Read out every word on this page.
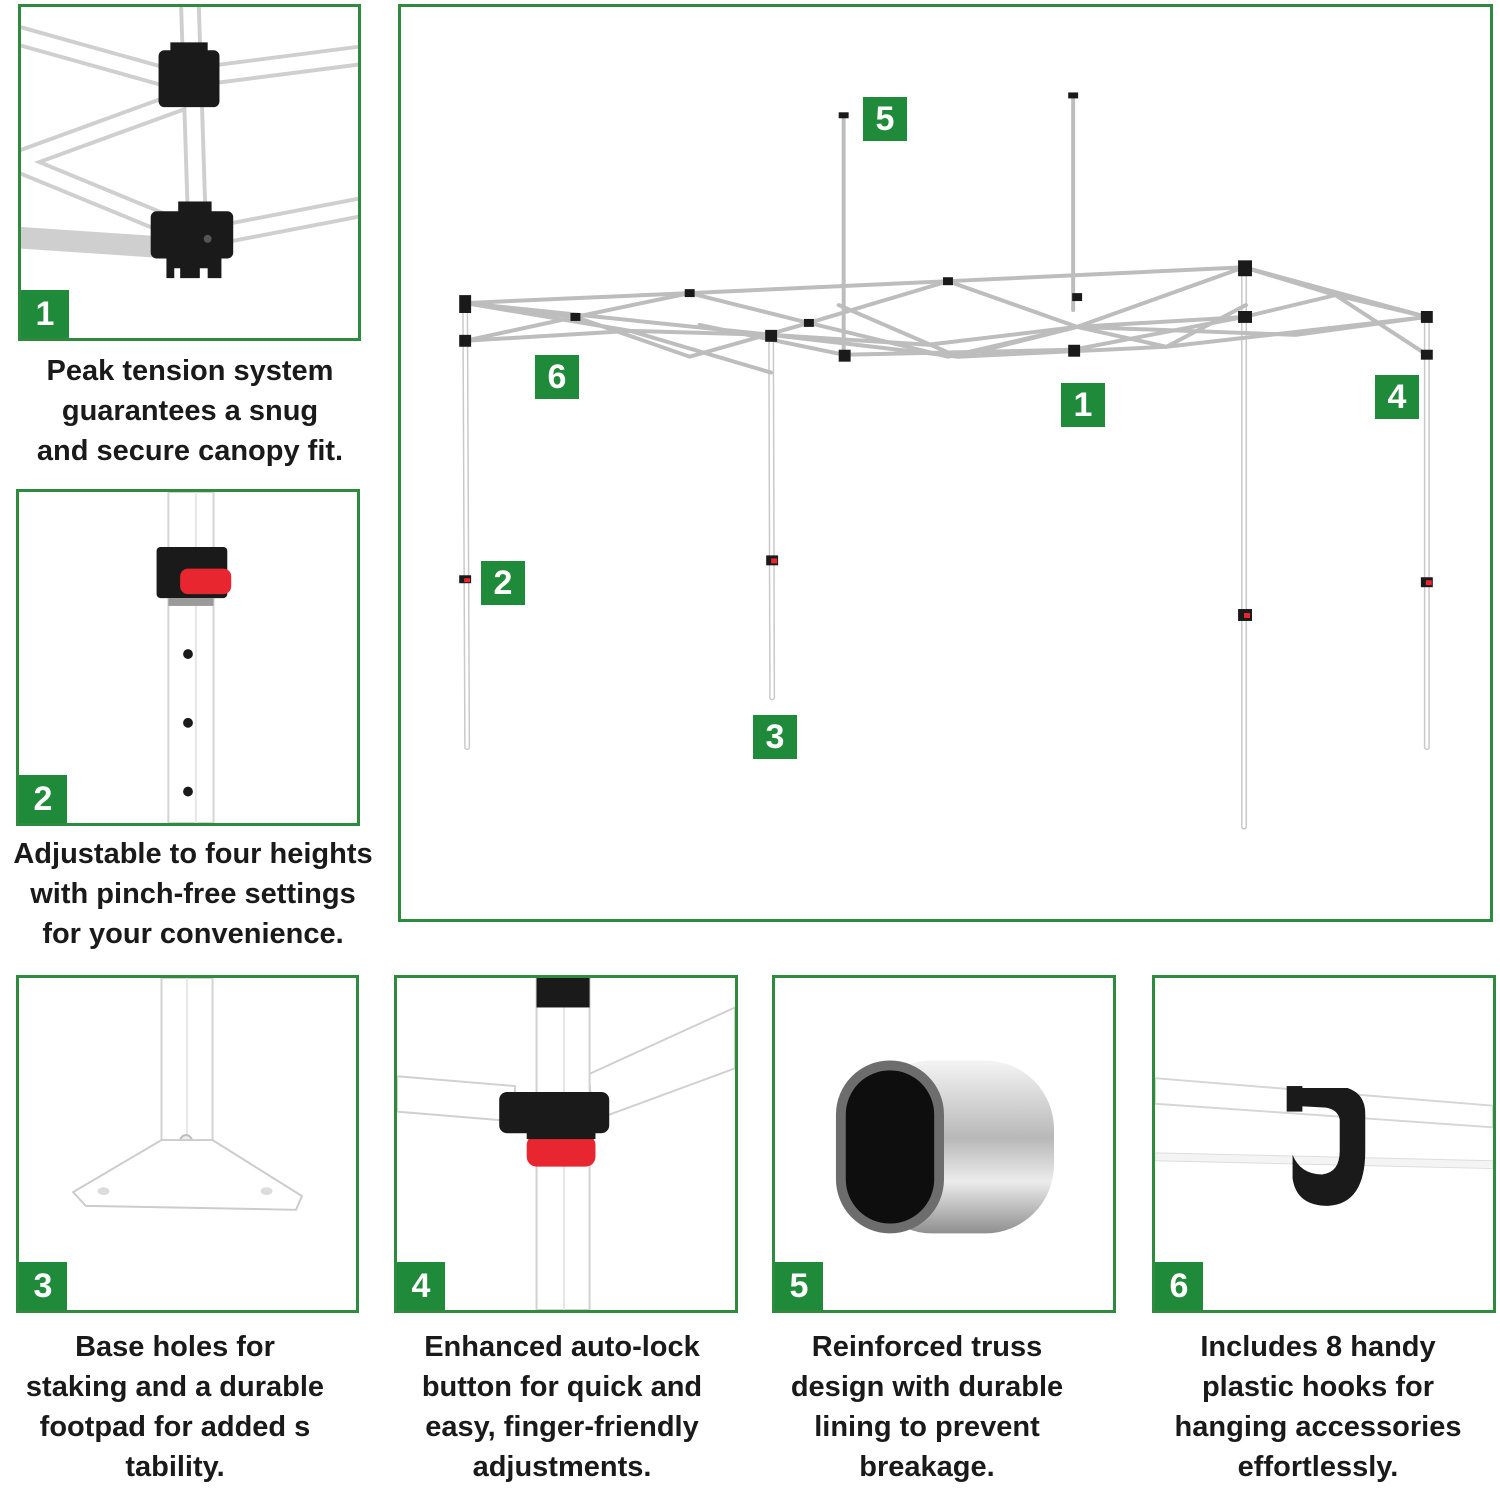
5
6
1	4
2
3
1
Peak tension system
guarantees a snug
and secure canopy fit.
2
Adjustable to four heights
with pinch-free settings
for your convenience.
3
Base holes for
staking and a durable
footpad for added s
tability.
4
Enhanced auto-lock
button for quick and
easy, finger-friendly
adjustments.
5
Reinforced truss
design with durable
lining to prevent
breakage.
6
Includes 8 handy
plastic hooks for
hanging accessories
effortlessly.
